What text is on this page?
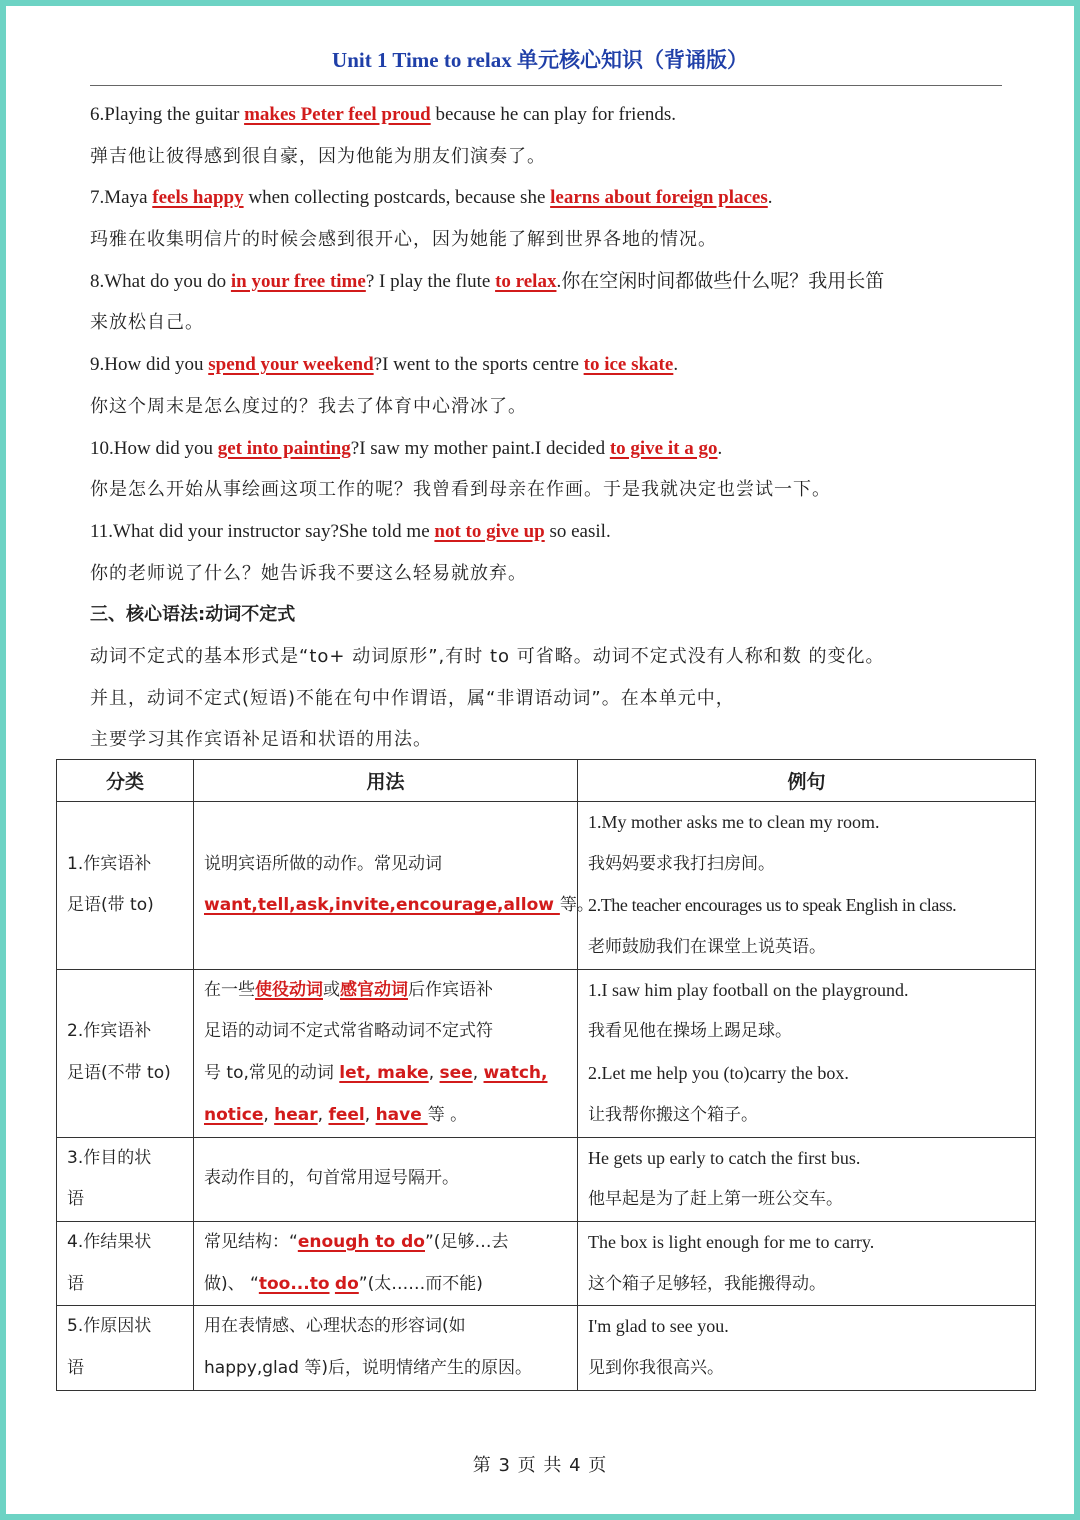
Unit 1 Time to relax 单元核心知识（背诵版）
6.Playing the guitar makes Peter feel proud because he can play for friends.
弹吉他让彼得感到很自豪，因为他能为朋友们演奏了。
7.Maya feels happy when collecting postcards, because she learns about foreign places.
玛雅在收集明信片的时候会感到很开心，因为她能了解到世界各地的情况。
8.What do you do in your free time? I play the flute to relax.你在空闲时间都做些什么呢？我用长笛
来放松自己。
9.How did you spend your weekend?I went to the sports centre to ice skate.
你这个周末是怎么度过的？我去了体育中心滑冰了。
10.How did you get into painting?I saw my mother paint.I decided to give it a go.
你是怎么开始从事绘画这项工作的呢？我曾看到母亲在作画。于是我就决定也尝试一下。
11.What did your instructor say?She told me not to give up so easil.
你的老师说了什么？她告诉我不要这么轻易就放弃。
三、核心语法:动词不定式
动词不定式的基本形式是“to+ 动词原形”,有时 to 可省略。动词不定式没有人称和数 的变化。
并且，动词不定式(短语)不能在句中作谓语，属“非谓语动词”。在本单元中，
主要学习其作宾语补足语和状语的用法。
分类	用法	例句

1.作宾语补
足语(带 to)	说明宾语所做的动作。常见动词
want,tell,ask,invite,encourage,allow 等。	1.My mother asks me to clean my room.
我妈妈要求我打扫房间。
2.The teacher encourages us to speak English in class.
老师鼓励我们在课堂上说英语。

2.作宾语补
足语(不带 to)	在一些使役动词或感官动词后作宾语补
足语的动词不定式常省略动词不定式符
号 to,常见的动词 let, make, see, watch,
notice, hear, feel, have 等 。	1.I saw him play football on the playground.
我看见他在操场上踢足球。
2.Let me help you (to)carry the box.
让我帮你搬这个箱子。

3.作目的状
语	表动作目的，句首常用逗号隔开。	He gets up early to catch the first bus.
他早起是为了赶上第一班公交车。

4.作结果状
语	常见结构：“enough to do”(足够…去
做)、 “too...to do”(太……而不能)	The box is light enough for me to carry.
这个箱子足够轻，我能搬得动。

5.作原因状
语	用在表情感、心理状态的形容词(如
happy,glad 等)后，说明情绪产生的原因。	I'm glad to see you.
见到你我很高兴。
第 3 页 共 4 页
